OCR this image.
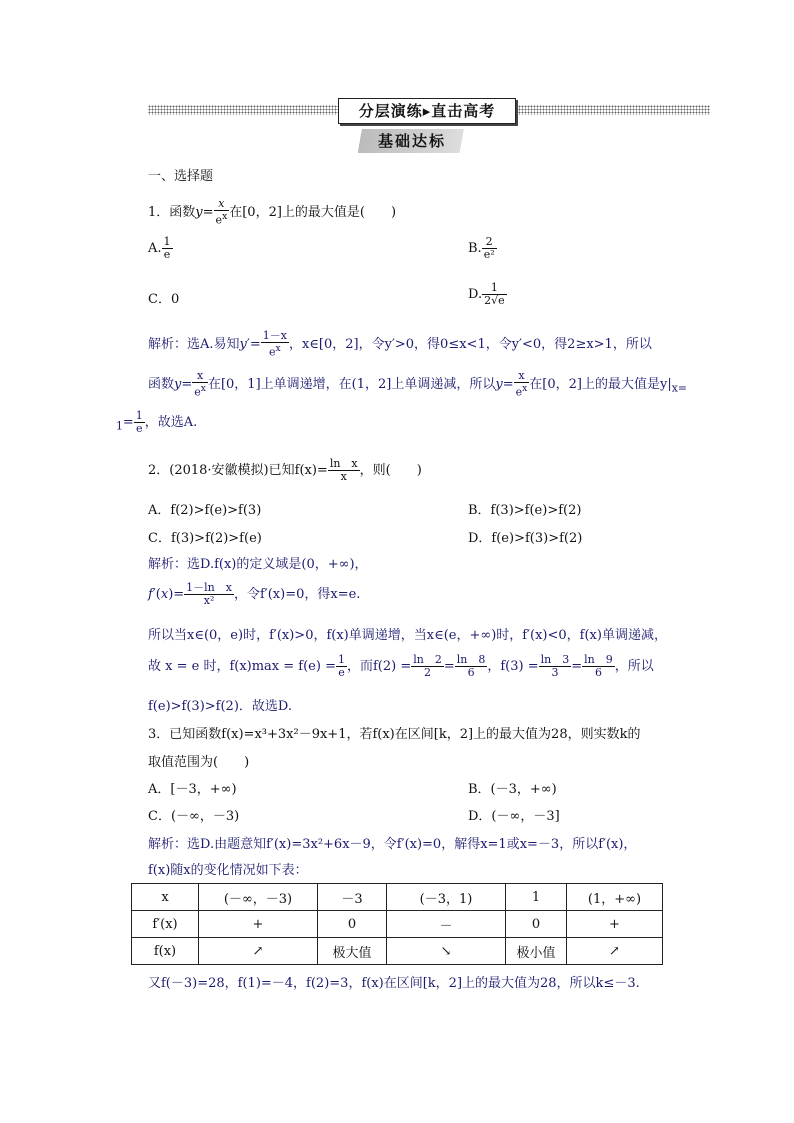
分层演练▸直击高考
基础达标
一、选择题
1．函数$y= \frac{x}{e^x}$ 在[0，2]上的最大值是(　　)
A. $\frac{1}{e}$	B. $\frac{2}{\text{e²}}$
C．0	D. $\frac{1}{2√e}$
解析：选A.易知$y'= \frac{1-x}{e^x}$ ，x∈[0，2]，令y′>0，得0≤x<1，令y′<0，得2≥x>1，所以
函数$y= \frac{x}{e^x}$ 在[0，1]上单调递增，在(1，2]上单调递减，所以$y= \frac{x}{e^x}$ 在[0，2]上的最大值是$y|_{x=}$
$_1= \frac{1}{e}$ ，故选A.
2．(2018·安徽模拟)已知$f(x)= \frac{\text{ln　x}}{x}$ ，则(　　)
A．f(2)>f(e)>f(3)	B．f(3)>f(e)>f(2)
C．f(3)>f(2)>f(e)	D．f(e)>f(3)>f(2)
解析：选D.f(x)的定义域是(0，+∞)，
$f'(x)= \frac{\text{1－ln　x}}{\text{x²}}$ ，令f′(x)=0，得x=e.
所以当x∈(0，e)时，f′(x)>0，f(x)单调递增，当x∈(e，+∞)时，f′(x)<0，f(x)单调递减，
故 x = e 时，$f(x)\max = f(e) = \frac{1}{e}$ ，而$f(2) = \frac{\ln 2}{2} = \frac{\ln 8}{6}$ ，$f(3) = \frac{\ln 3}{3} = \frac{\ln 9}{6}$ ，所以
f(e)>f(3)>f(2)．故选D.
3．已知函数f(x)=x³+3x²－9x+1，若f(x)在区间[k，2]上的最大值为28，则实数k的
取值范围为(　　)
A．[－3，+∞)	B．(－3，+∞)
C．(－∞，－3)	D．(－∞，－3]
解析：选D.由题意知f′(x)=3x²+6x－9，令f′(x)=0，解得x=1或x=－3，所以f′(x)，
f(x)随x的变化情况如下表：
x	(－∞，－3)	－3	(－3，1)	1	(1，+∞)
f′(x)	+	0	－	0	+
f(x)	↗	极大值	↘	极小值	↗
又f(－3)=28，f(1)=－4，f(2)=3，f(x)在区间[k，2]上的最大值为28，所以k≤－3.
